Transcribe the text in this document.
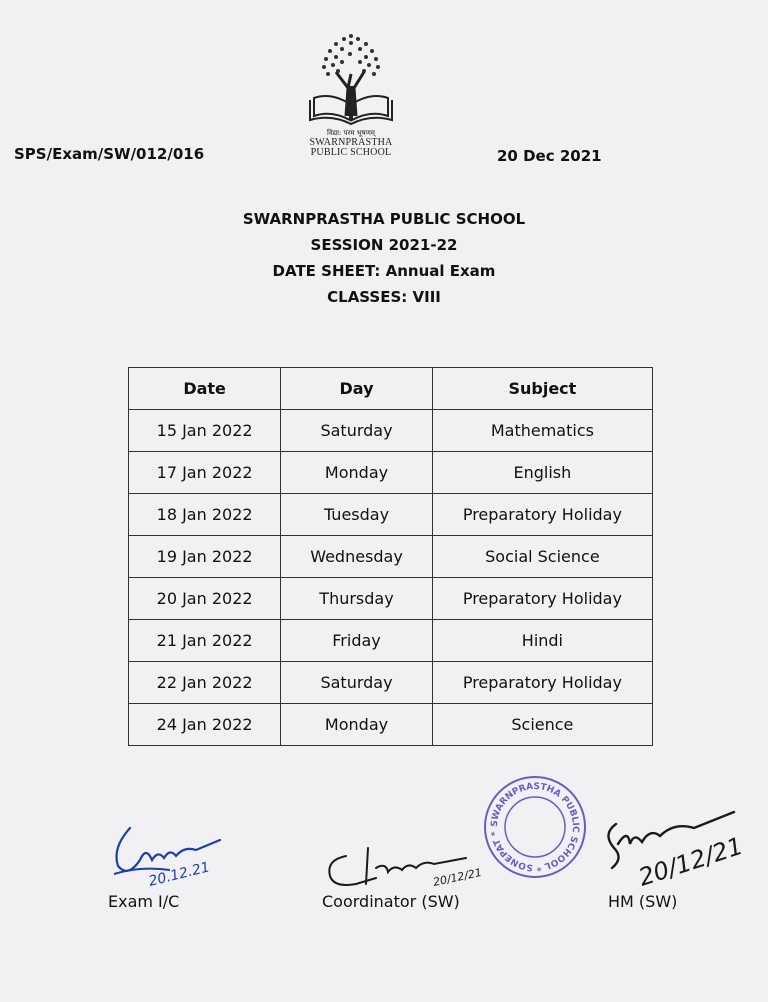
विद्या: परम भूषणम्
SWARNPRASTHA
PUBLIC SCHOOL
SPS/Exam/SW/012/016	20 Dec 2021
SWARNPRASTHA PUBLIC SCHOOL
SESSION 2021-22
DATE SHEET: Annual Exam
CLASSES: VIII
Date	Day	Subject
15 Jan 2022	Saturday	Mathematics
17 Jan 2022	Monday	English
18 Jan 2022	Tuesday	Preparatory Holiday
19 Jan 2022	Wednesday	Social Science
20 Jan 2022	Thursday	Preparatory Holiday
21 Jan 2022	Friday	Hindi
22 Jan 2022	Saturday	Preparatory Holiday
24 Jan 2022	Monday	Science
SWARNPRASTHA PUBLIC SCHOOL * SONEPAT *
20.12.21	20/12/21	20/12/21
Exam I/C	Coordinator (SW)	HM (SW)
